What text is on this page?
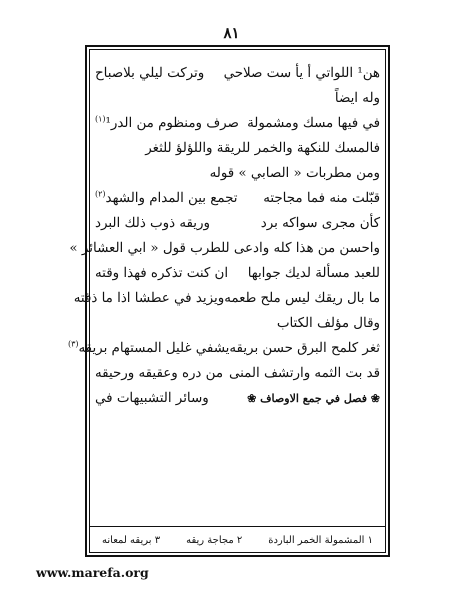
٨١
هن¹ اللواتي أ يأ ست صلاحي
وتركت ليلي بلاصباح
وله ايضاً
في فيها مسك ومشمولة
صرف ومنظوم من الدر¹$^{(١)}$
فالمسك للنكهة والخمر للريقة واللؤلؤ للثغر
ومن مطربات « الصابي » قوله
قبّلت منه فما مجاجته
تجمع بين المدام والشهد$^{(٢)}$
كأن مجرى سواكه برد
وريقه ذوب ذلك البرد
واحسن من هذا كله وادعى للطرب قول « ابي العشائر »
للعبد مسألة لديك جوابها
ان كنت تذكره فهذا وقته
ما بال ريقك ليس ملح طعمه
ويزيد في عطشا اذا ما ذقته
وقال مؤلف الكتاب
ثغر كلمح البرق حسن بريقه
يشفي غليل المستهام بريقه$^{(٣)}$
قد بت الثمه وارتشف المنى
من دره وعقيقه ورحيقه
❀ فصل في جمع الاوصاف ❀
وسائر التشبيهات في
١ المشمولة الخمر الباردة
٢ مجاجة ريقه
٣ بريقه لمعانه
www.marefa.org
